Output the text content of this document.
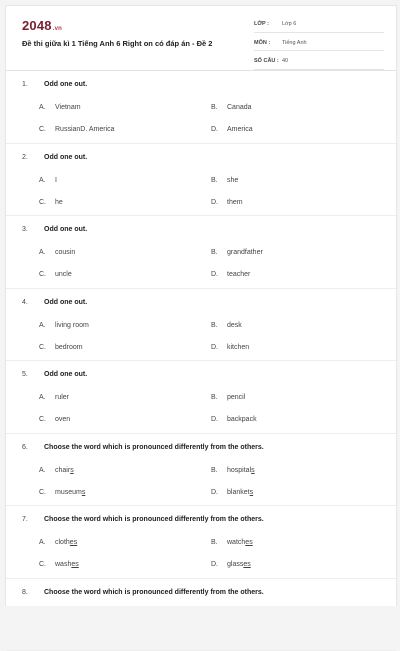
2048.vn
Đề thi giữa kì 1 Tiếng Anh 6 Right on có đáp án - Đề 2
LỚP :	Lớp 6
MÔN :	Tiếng Anh
SỐ CÂU : 40
1.	Odd one out.
A.	Vietnam	B.	Canada
C.	RussianD. America	D.	America
2.	Odd one out.
A.	I	B.	she
C.	he	D.	them
3.	Odd one out.
A.	cousin	B.	grandfather
C.	uncle	D.	teacher
4.	Odd one out.
A.	living room	B.	desk
C.	bedroom	D.	kitchen
5.	Odd one out.
A.	ruler	B.	pencil
C.	oven	D.	backpack
6.	Choose the word which is pronounced differently from the others.
A.	chair s	B.	hospital s
C.	museum s	D.	blanket s
7.	Choose the word which is pronounced differently from the others.
A.	cloth es	B.	watch es
C.	wash es	D.	glass es
8.	Choose the word which is pronounced differently from the others.
